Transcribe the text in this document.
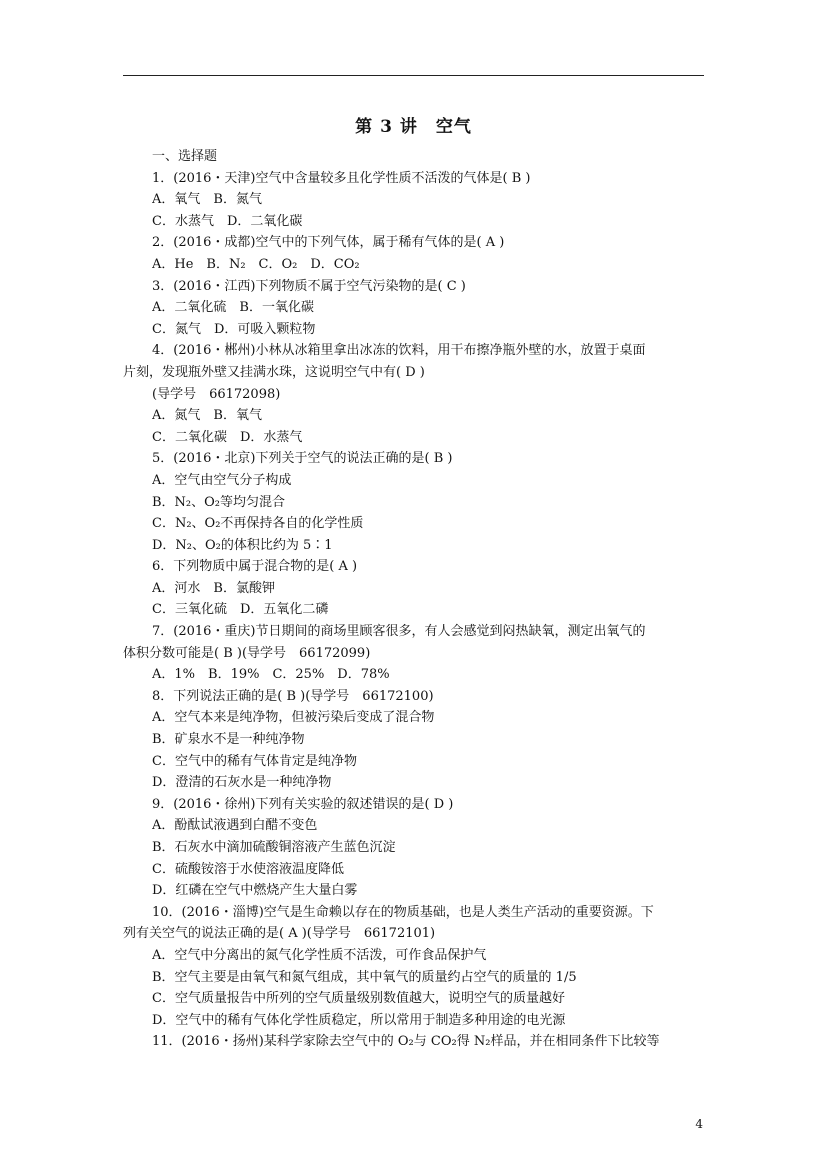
第 3 讲　空气
一、选择题
1．(2016・天津)空气中含量较多且化学性质不活泼的气体是( B )
A．氧气　B．氮气
C．水蒸气　D．二氧化碳
2．(2016・成都)空气中的下列气体，属于稀有气体的是( A )
A．He　B．N₂　C．O₂　D．CO₂
3．(2016・江西)下列物质不属于空气污染物的是( C )
A．二氧化硫　B．一氧化碳
C．氮气　D．可吸入颗粒物
4．(2016・郴州)小林从冰箱里拿出冰冻的饮料，用干布擦净瓶外壁的水，放置于桌面
片刻，发现瓶外壁又挂满水珠，这说明空气中有( D )
(导学号　66172098)
A．氮气　B．氧气
C．二氧化碳　D．水蒸气
5．(2016・北京)下列关于空气的说法正确的是( B )
A．空气由空气分子构成
B．N₂、O₂等均匀混合
C．N₂、O₂不再保持各自的化学性质
D．N₂、O₂的体积比约为 5∶1
6．下列物质中属于混合物的是( A )
A．河水　B．氯酸钾
C．三氧化硫　D．五氧化二磷
7．(2016・重庆)节日期间的商场里顾客很多，有人会感觉到闷热缺氧，测定出氧气的
体积分数可能是( B )(导学号　66172099)
A．1%　B．19%　C．25%　D．78%
8．下列说法正确的是( B )(导学号　66172100)
A．空气本来是纯净物，但被污染后变成了混合物
B．矿泉水不是一种纯净物
C．空气中的稀有气体肯定是纯净物
D．澄清的石灰水是一种纯净物
9．(2016・徐州)下列有关实验的叙述错误的是( D )
A．酚酞试液遇到白醋不变色
B．石灰水中滴加硫酸铜溶液产生蓝色沉淀
C．硫酸铵溶于水使溶液温度降低
D．红磷在空气中燃烧产生大量白雾
10．(2016・淄博)空气是生命赖以存在的物质基础，也是人类生产活动的重要资源。下
列有关空气的说法正确的是( A )(导学号　66172101)
A．空气中分离出的氮气化学性质不活泼，可作食品保护气
B．空气主要是由氧气和氮气组成，其中氧气的质量约占空气的质量的 1/5
C．空气质量报告中所列的空气质量级别数值越大，说明空气的质量越好
D．空气中的稀有气体化学性质稳定，所以常用于制造多种用途的电光源
11．(2016・扬州)某科学家除去空气中的 O₂与 CO₂得 N₂样品，并在相同条件下比较等
4
